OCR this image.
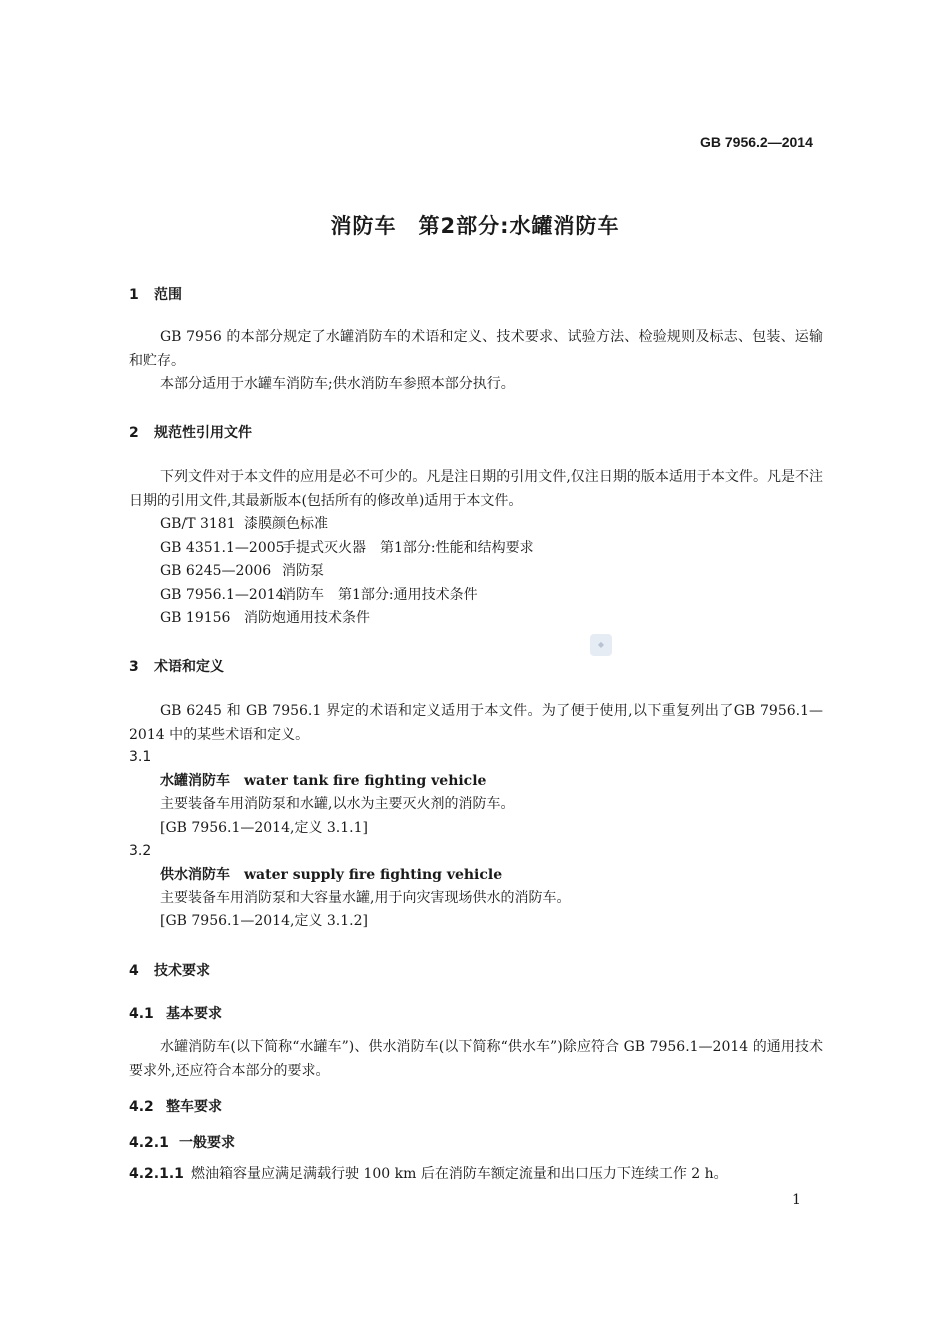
GB 7956.2—2014
消防车　第2部分:水罐消防车
1 范围
GB 7956 的本部分规定了水罐消防车的术语和定义、技术要求、试验方法、检验规则及标志、包装、运输和贮存。
本部分适用于水罐车消防车;供水消防车参照本部分执行。
2 规范性引用文件
下列文件对于本文件的应用是必不可少的。凡是注日期的引用文件,仅注日期的版本适用于本文件。凡是不注日期的引用文件,其最新版本(包括所有的修改单)适用于本文件。
GB/T 3181 漆膜颜色标准
GB 4351.1—2005手提式灭火器　第1部分:性能和结构要求
GB 6245—2006 消防泵
GB 7956.1—2014消防车　第1部分:通用技术条件
GB 19156 消防炮通用技术条件
◆
3 术语和定义
GB 6245 和 GB 7956.1 界定的术语和定义适用于本文件。为了便于使用,以下重复列出了GB 7956.1—2014 中的某些术语和定义。
3.1
水罐消防车 water tank fire fighting vehicle
主要装备车用消防泵和水罐,以水为主要灭火剂的消防车。
[GB 7956.1—2014,定义 3.1.1]
3.2
供水消防车 water supply fire fighting vehicle
主要装备车用消防泵和大容量水罐,用于向灾害现场供水的消防车。
[GB 7956.1—2014,定义 3.1.2]
4 技术要求
4.1 基本要求
水罐消防车(以下简称“水罐车”)、供水消防车(以下简称“供水车”)除应符合 GB 7956.1—2014 的通用技术要求外,还应符合本部分的要求。
4.2 整车要求
4.2.1 一般要求
4.2.1.1 燃油箱容量应满足满载行驶 100 km 后在消防车额定流量和出口压力下连续工作 2 h。
1
